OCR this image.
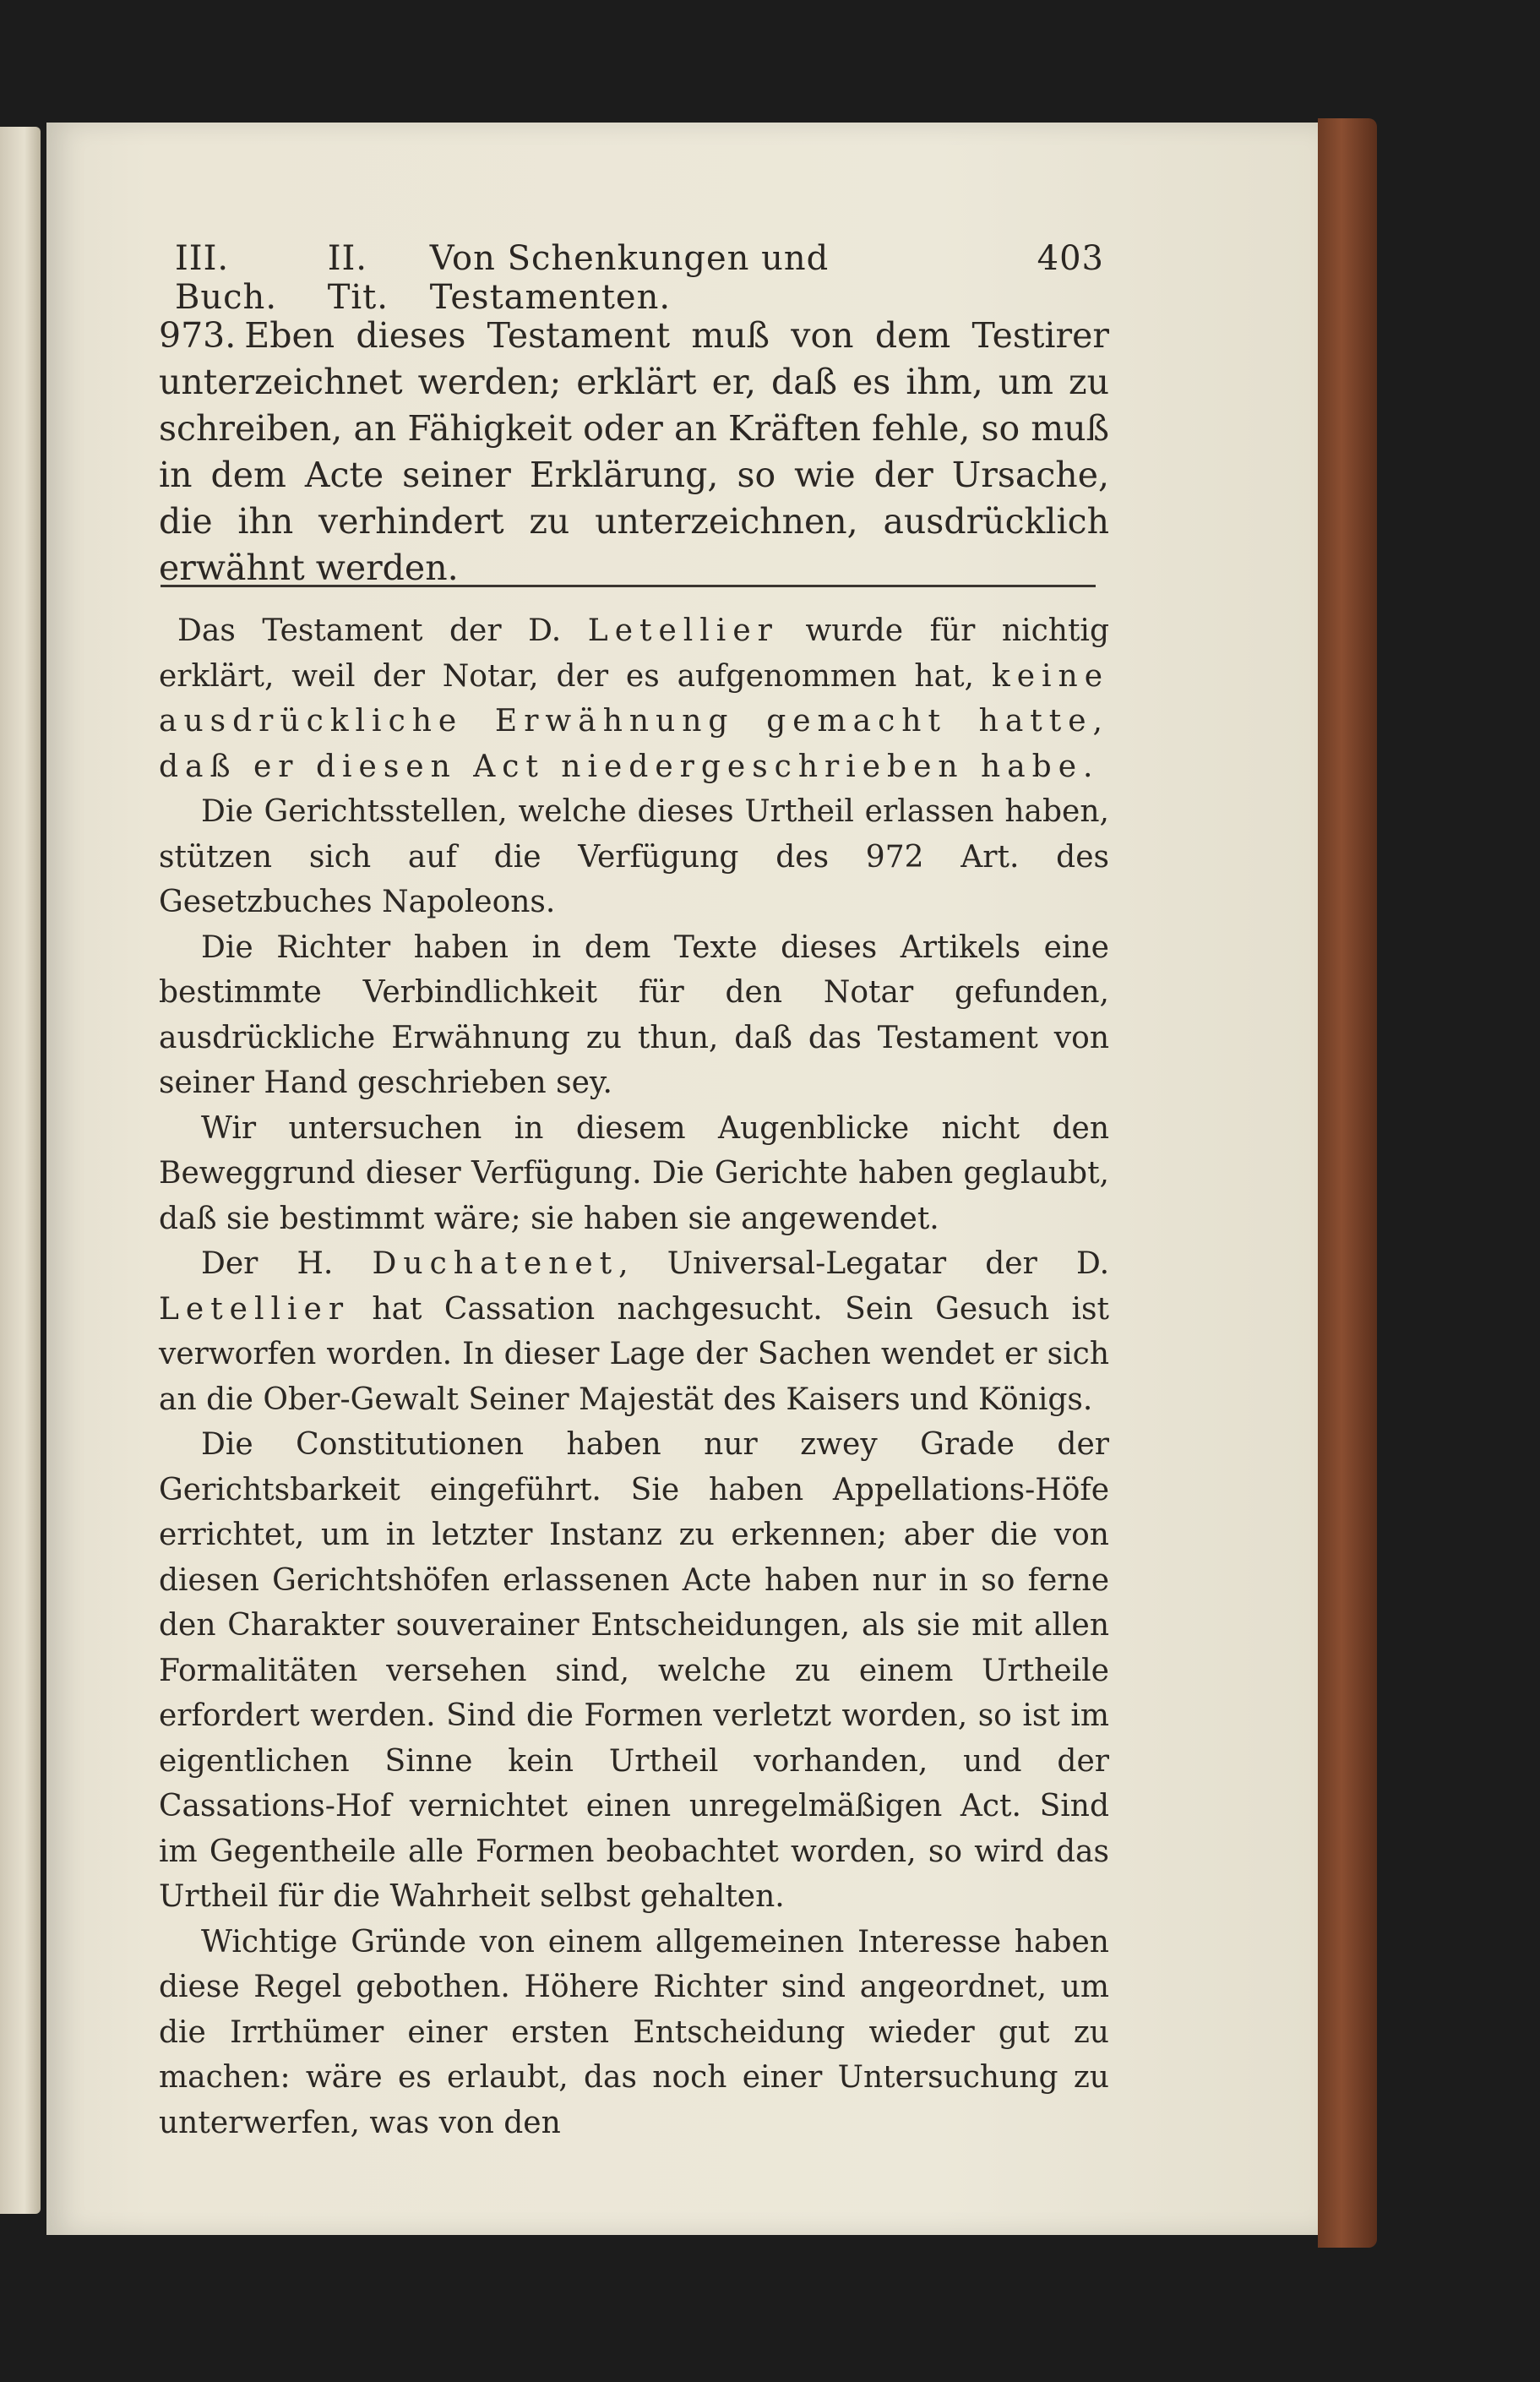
III. Buch.
II. Tit.
Von Schenkungen und Testamenten.
403
973. Eben dieses Testament muß von dem Testirer unterzeichnet werden; erklärt er, daß es ihm, um zu schreiben, an Fähigkeit oder an Kräften fehle, so muß in dem Acte seiner Erklärung, so wie der Ursache, die ihn verhindert zu unterzeichnen, ausdrücklich erwähnt werden.

Das Testament der D. Letellier wurde für nichtig erklärt, weil der Notar, der es aufgenommen hat, keine ausdrückliche Erwähnung gemacht hatte, daß er diesen Act niedergeschrieben habe.

Die Gerichtsstellen, welche dieses Urtheil erlassen haben, stützen sich auf die Verfügung des 972 Art. des Gesetzbuches Napoleons.

Die Richter haben in dem Texte dieses Artikels eine bestimmte Verbindlichkeit für den Notar gefunden, ausdrückliche Erwähnung zu thun, daß das Testament von seiner Hand geschrieben sey.

Wir untersuchen in diesem Augenblicke nicht den Beweggrund dieser Verfügung. Die Gerichte haben geglaubt, daß sie bestimmt wäre; sie haben sie angewendet.

Der H. Duchatenet, Universal-Legatar der D. Letellier hat Cassation nachgesucht. Sein Gesuch ist verworfen worden. In dieser Lage der Sachen wendet er sich an die Ober-Gewalt Seiner Majestät des Kaisers und Königs.

Die Constitutionen haben nur zwey Grade der Gerichtsbarkeit eingeführt. Sie haben Appellations-Höfe errichtet, um in letzter Instanz zu erkennen; aber die von diesen Gerichtshöfen erlassenen Acte haben nur in so ferne den Charakter souverainer Entscheidungen, als sie mit allen Formalitäten versehen sind, welche zu einem Urtheile erfordert werden. Sind die Formen verletzt worden, so ist im eigentlichen Sinne kein Urtheil vorhanden, und der Cassations-Hof vernichtet einen unregelmäßigen Act. Sind im Gegentheile alle Formen beobachtet worden, so wird das Urtheil für die Wahrheit selbst gehalten.

Wichtige Gründe von einem allgemeinen Interesse haben diese Regel gebothen. Höhere Richter sind angeordnet, um die Irrthümer einer ersten Entscheidung wieder gut zu machen: wäre es erlaubt, das noch einer Untersuchung zu unterwerfen, was von den
